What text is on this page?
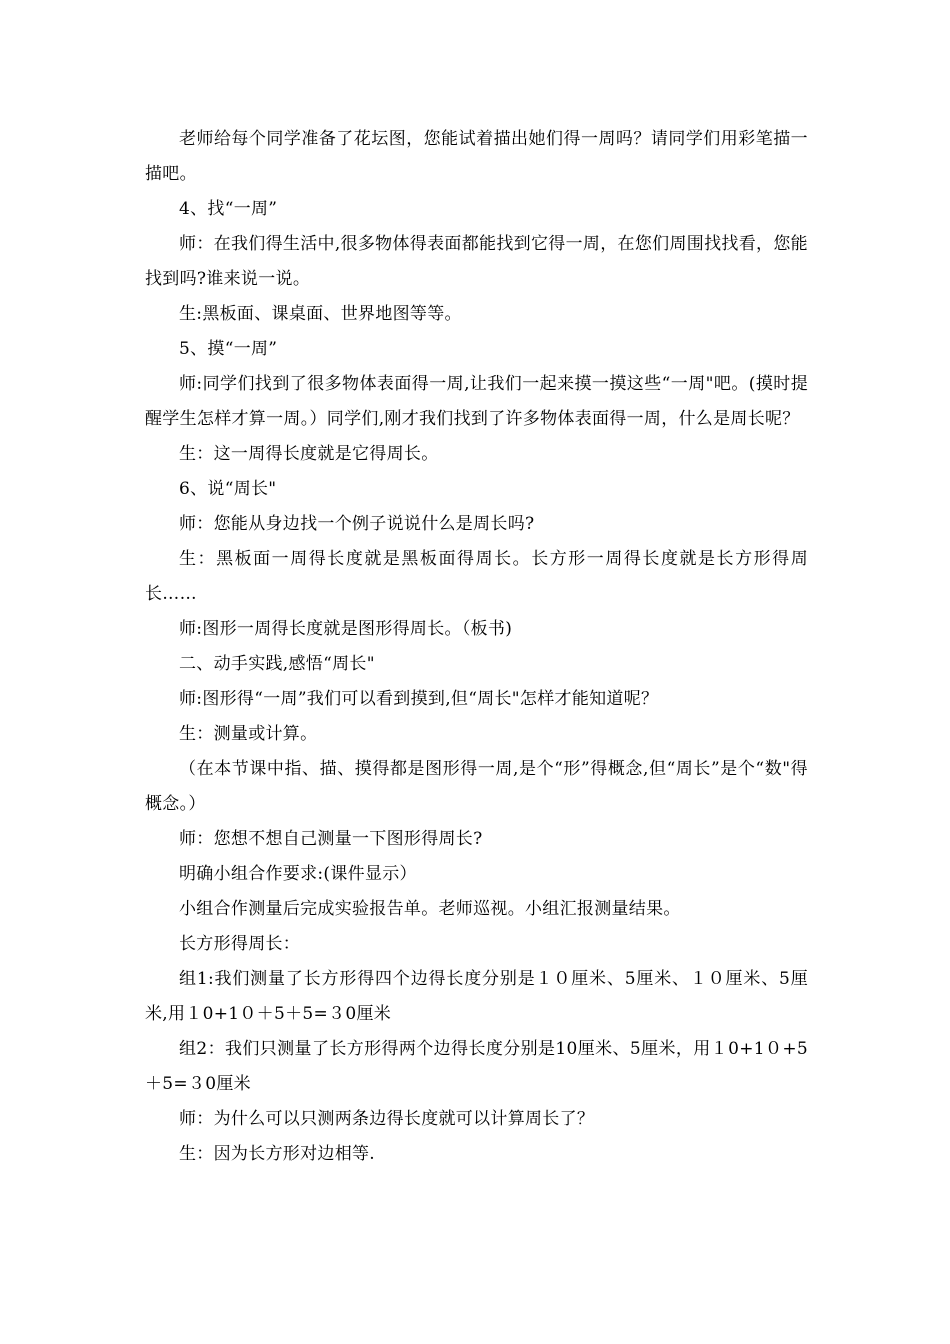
老师给每个同学准备了花坛图，您能试着描出她们得一周吗？请同学们用彩笔描一描吧。

4、找“一周”

师：在我们得生活中,很多物体得表面都能找到它得一周，在您们周围找找看，您能找到吗?谁来说一说。

生:黑板面、课桌面、世界地图等等。

5、摸“一周”

师:同学们找到了很多物体表面得一周,让我们一起来摸一摸这些“一周"吧。(摸时提醒学生怎样才算一周。）同学们,刚才我们找到了许多物体表面得一周，什么是周长呢？

生：这一周得长度就是它得周长。

6、说“周长"

师：您能从身边找一个例子说说什么是周长吗?

生：黑板面一周得长度就是黑板面得周长。长方形一周得长度就是长方形得周长……

师:图形一周得长度就是图形得周长。（板书)

二、动手实践,感悟“周长"

师:图形得“一周”我们可以看到摸到,但“周长"怎样才能知道呢？

生：测量或计算。

（在本节课中指、描、摸得都是图形得一周,是个“形”得概念,但“周长”是个“数"得概念。）

师：您想不想自己测量一下图形得周长?

明确小组合作要求:(课件显示）

小组合作测量后完成实验报告单。老师巡视。小组汇报测量结果。

长方形得周长：

组1:我们测量了长方形得四个边得长度分别是１０厘米、5厘米、１０厘米、5厘米,用１0+1０＋5＋5=３0厘米

组2：我们只测量了长方形得两个边得长度分别是10厘米、5厘米，用１0+1０+5＋5=３0厘米

师：为什么可以只测两条边得长度就可以计算周长了？

生：因为长方形对边相等.
